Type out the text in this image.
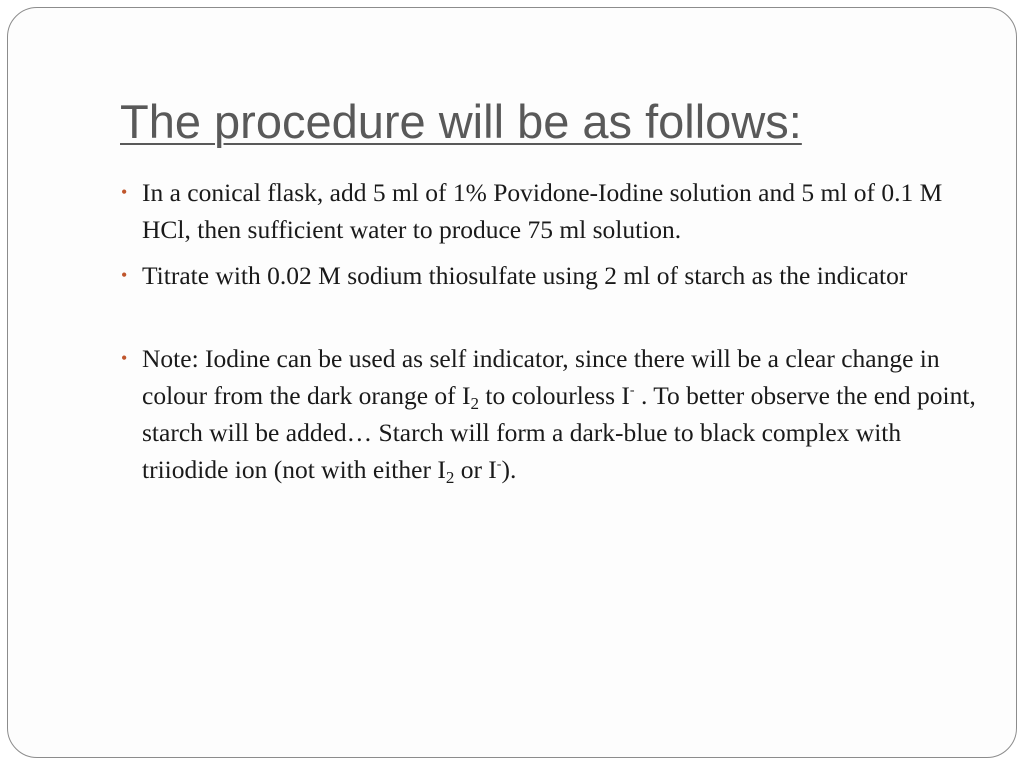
The procedure will be as follows:
• In a conical flask, add 5 ml of 1% Povidone-Iodine solution and 5 ml of 0.1 M HCl, then sufficient water to produce 75 ml solution.
• Titrate with 0.02 M sodium thiosulfate using 2 ml of starch as the indicator
• Note: Iodine can be used as self indicator, since there will be a clear change in colour from the dark orange of $I_2$ to colourless I- . To better observe the end point, starch will be added… Starch will form a dark-blue to black complex with triiodide ion (not with either $I_2$ or I-).
